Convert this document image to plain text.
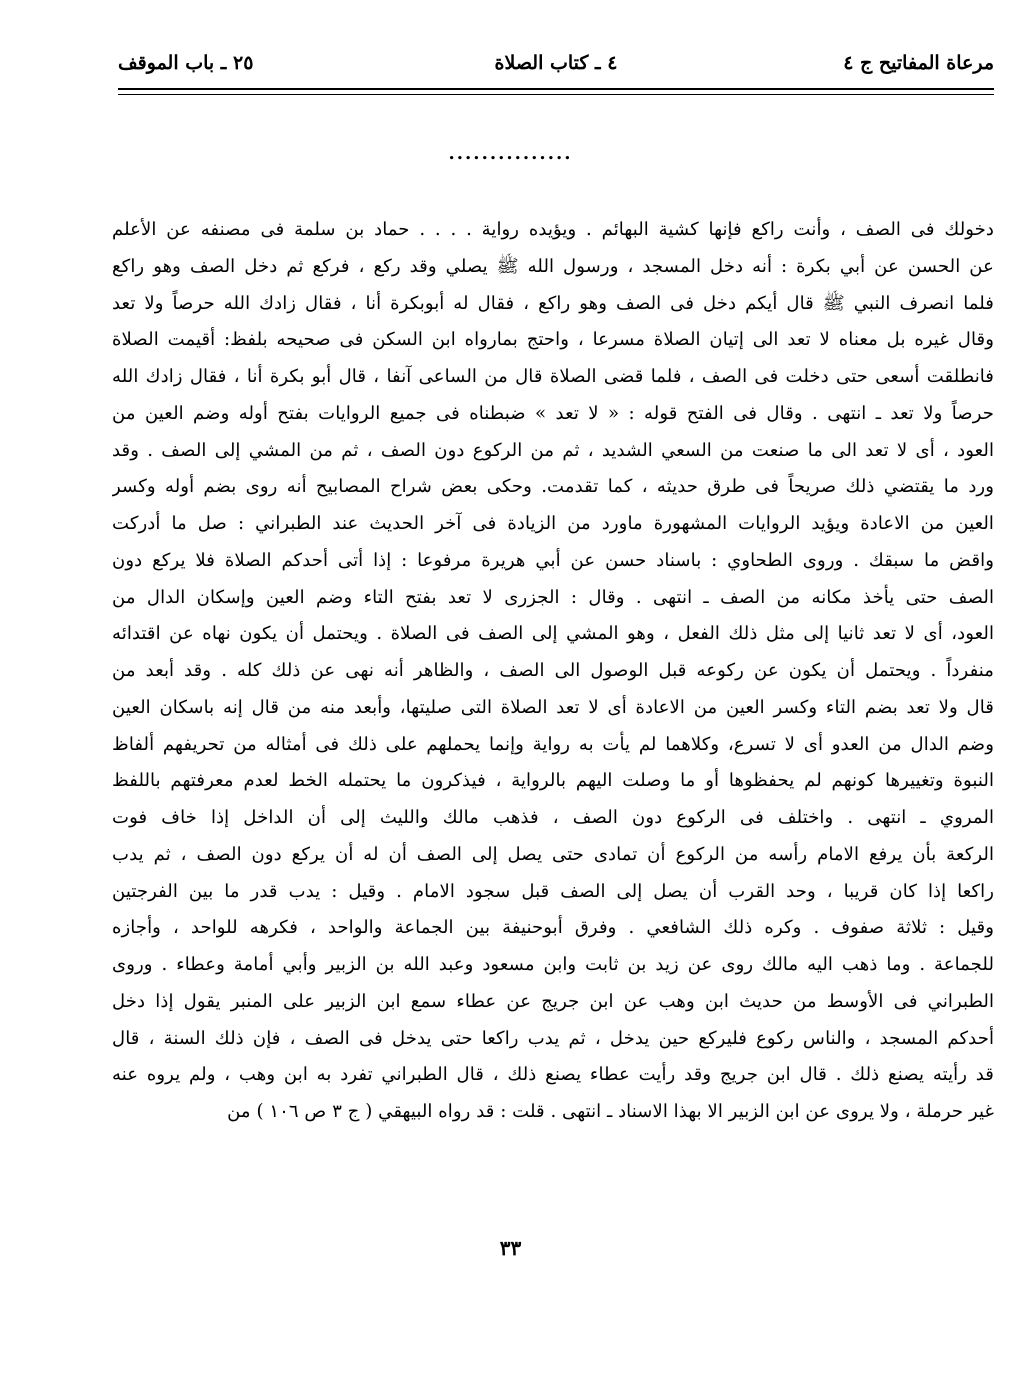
مرعاة المفاتيح ج ٤
٤ ـ كتاب الصلاة
٢٥ ـ باب الموقف
...............
دخولك فى الصف ، وأنت راكع فإنها كشية البهائم . ويؤيده رواية . . . . حماد بن سلمة فى مصنفه عن الأعلم
عن الحسن عن أبي بكرة : أنه دخل المسجد ، ورسول الله ﷺ يصلي وقد ركع ، فركع ثم دخل الصف وهو راكع
فلما انصرف النبي ﷺ قال أيكم دخل فى الصف وهو راكع ، فقال له أبوبكرة أنا ، فقال زادك الله حرصاً ولا تعد
وقال غيره بل معناه لا تعد الى إتيان الصلاة مسرعا ، واحتج بمارواه ابن السكن فى صحيحه بلفظ: أقيمت الصلاة
فانطلقت أسعى حتى دخلت فى الصف ، فلما قضى الصلاة قال من الساعى آنفا ، قال أبو بكرة أنا ، فقال زادك الله
حرصاً ولا تعد ـ انتهى . وقال فى الفتح قوله : « لا تعد » ضبطناه فى جميع الروايات بفتح أوله وضم العين من
العود ، أى لا تعد الى ما صنعت من السعي الشديد ، ثم من الركوع دون الصف ، ثم من المشي إلى الصف . وقد
ورد ما يقتضي ذلك صريحاً فى طرق حديثه ، كما تقدمت. وحكى بعض شراح المصابيح أنه روى بضم أوله وكسر
العين من الاعادة ويؤيد الروايات المشهورة ماورد من الزيادة فى آخر الحديث عند الطبراني : صل ما أدركت
واقض ما سبقك . وروى الطحاوي : باسناد حسن عن أبي هريرة مرفوعا : إذا أتى أحدكم الصلاة فلا يركع دون
الصف حتى يأخذ مكانه من الصف ـ انتهى . وقال : الجزرى لا تعد بفتح التاء وضم العين وإسكان الدال من
العود، أى لا تعد ثانيا إلى مثل ذلك الفعل ، وهو المشي إلى الصف فى الصلاة . ويحتمل أن يكون نهاه عن اقتدائه
منفرداً . ويحتمل أن يكون عن ركوعه قبل الوصول الى الصف ، والظاهر أنه نهى عن ذلك كله . وقد أبعد من
قال ولا تعد بضم التاء وكسر العين من الاعادة أى لا تعد الصلاة التى صليتها، وأبعد منه من قال إنه باسكان العين
وضم الدال من العدو أى لا تسرع، وكلاهما لم يأت به رواية وإنما يحملهم على ذلك فى أمثاله من تحريفهم ألفاظ
النبوة وتغييرها كونهم لم يحفظوها أو ما وصلت اليهم بالرواية ، فيذكرون ما يحتمله الخط لعدم معرفتهم باللفظ
المروي ـ انتهى . واختلف فى الركوع دون الصف ، فذهب مالك والليث إلى أن الداخل إذا خاف فوت
الركعة بأن يرفع الامام رأسه من الركوع أن تمادى حتى يصل إلى الصف أن له أن يركع دون الصف ، ثم يدب
راكعا إذا كان قريبا ، وحد القرب أن يصل إلى الصف قبل سجود الامام . وقيل : يدب قدر ما بين الفرجتين
وقيل : ثلاثة صفوف . وكره ذلك الشافعي . وفرق أبوحنيفة بين الجماعة والواحد ، فكرهه للواحد ، وأجازه
للجماعة . وما ذهب اليه مالك روى عن زيد بن ثابت وابن مسعود وعبد الله بن الزبير وأبي أمامة وعطاء . وروى
الطبراني فى الأوسط من حديث ابن وهب عن ابن جريج عن عطاء سمع ابن الزبير على المنبر يقول إذا دخل
أحدكم المسجد ، والناس ركوع فليركع حين يدخل ، ثم يدب راكعا حتى يدخل فى الصف ، فإن ذلك السنة ، قال
قد رأيته يصنع ذلك . قال ابن جريج وقد رأيت عطاء يصنع ذلك ، قال الطبراني تفرد به ابن وهب ، ولم يروه عنه
غير حرملة ، ولا يروى عن ابن الزبير الا بهذا الاسناد ـ انتهى . قلت : قد رواه البيهقي ( ج ٣ ص ١٠٦ ) من
٣٣
